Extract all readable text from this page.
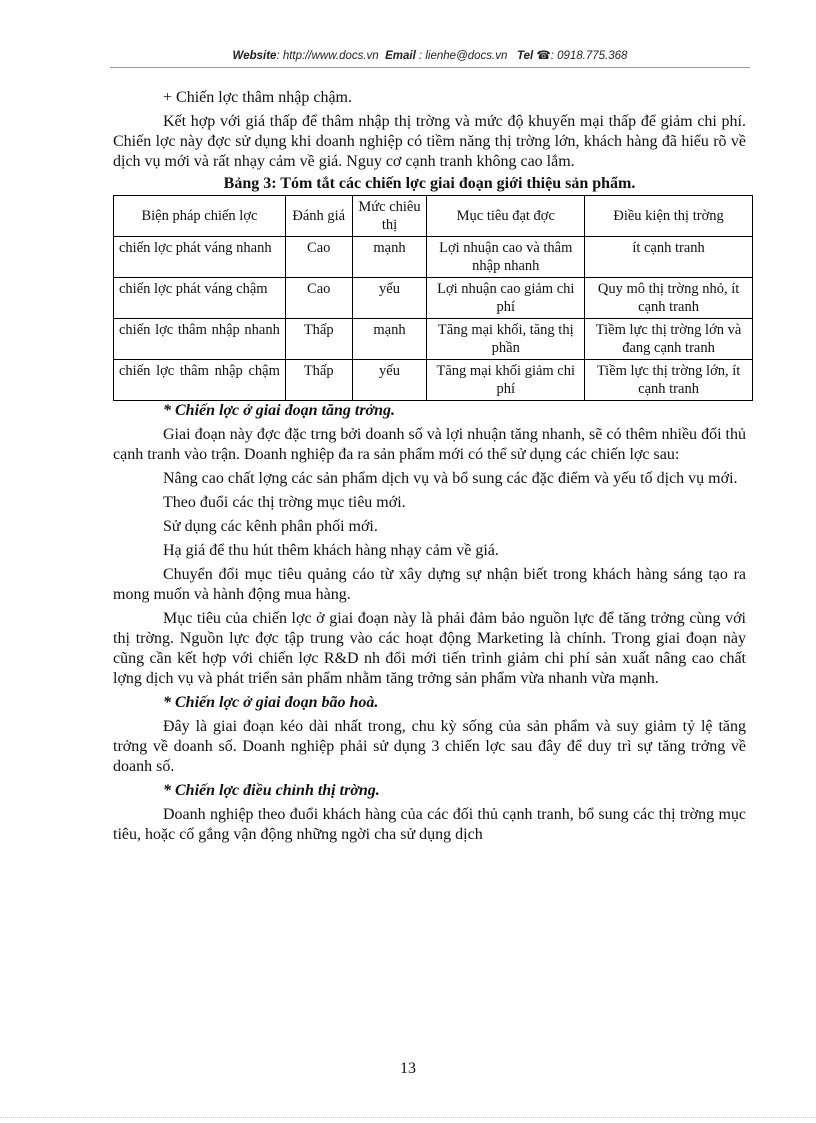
Website: http://www.docs.vn Email : lienhe@docs.vn Tel ☎: 0918.775.368

+ Chiến lợc thâm nhập chậm.

Kết hợp với giá thấp để thâm nhập thị trờng và mức độ khuyến mại thấp để giảm chi phí. Chiến lợc này đợc sử dụng khi doanh nghiệp có tiềm năng thị trờng lớn, khách hàng đã hiểu rõ về dịch vụ mới và rất nhạy cảm về giá. Nguy cơ cạnh tranh không cao lắm.

Bảng 3: Tóm tắt các chiến lợc giai đoạn giới thiệu sản phẩm.
Biện pháp chiến lợc	Đánh giá	Mức chiêu thị	Mục tiêu đạt đợc	Điều kiện thị trờng
chiến lợc phát váng nhanh	Cao	mạnh	Lợi nhuận cao và thâm nhập nhanh	ít cạnh tranh
chiến lợc phát váng chậm	Cao	yếu	Lợi nhuận cao giảm chi phí	Quy mô thị trờng nhỏ, ít cạnh tranh
chiến lợc thâm nhập nhanh	Thấp	mạnh	Tăng mại khối, tăng thị phần	Tiềm lực thị trờng lớn và đang cạnh tranh
chiến lợc thâm nhập chậm	Thấp	yếu	Tăng mại khối giảm chi phí	Tiềm lực thị trờng lớn, ít cạnh tranh

* Chiến lợc ở giai đoạn tăng trởng.

Giai đoạn này đợc đặc trng bởi doanh số và lợi nhuận tăng nhanh, sẽ có thêm nhiều đối thủ cạnh tranh vào trận. Doanh nghiệp đa ra sản phẩm mới có thể sử dụng các chiến lợc sau:

Nâng cao chất lợng các sản phẩm dịch vụ và bổ sung các đặc điểm và yếu tố dịch vụ mới.

Theo đuổi các thị trờng mục tiêu mới.

Sử dụng các kênh phân phối mới.

Hạ giá để thu hút thêm khách hàng nhạy cảm về giá.

Chuyển đổi mục tiêu quảng cáo từ xây dựng sự nhận biết trong khách hàng sáng tạo ra mong muốn và hành động mua hàng.

Mục tiêu của chiến lợc ở giai đoạn này là phải đảm bảo nguồn lực để tăng trởng cùng với thị trờng. Nguồn lực đợc tập trung vào các hoạt động Marketing là chính. Trong giai đoạn này cũng cần kết hợp với chiến lợc R&D nh đổi mới tiến trình giảm chi phí sản xuất nâng cao chất lợng dịch vụ và phát triển sản phẩm nhằm tăng trởng sản phẩm vừa nhanh vừa mạnh.

* Chiến lợc ở giai đoạn bão hoà.

Đây là giai đoạn kéo dài nhất trong, chu kỳ sống của sản phẩm và suy giảm tỷ lệ tăng trởng về doanh số. Doanh nghiệp phải sử dụng 3 chiến lợc sau đây để duy trì sự tăng trởng về doanh số.

* Chiến lợc điều chỉnh thị trờng.

Doanh nghiệp theo đuổi khách hàng của các đối thủ cạnh tranh, bổ sung các thị trờng mục tiêu, hoặc cố gắng vận động những ngời cha sử dụng dịch

13
